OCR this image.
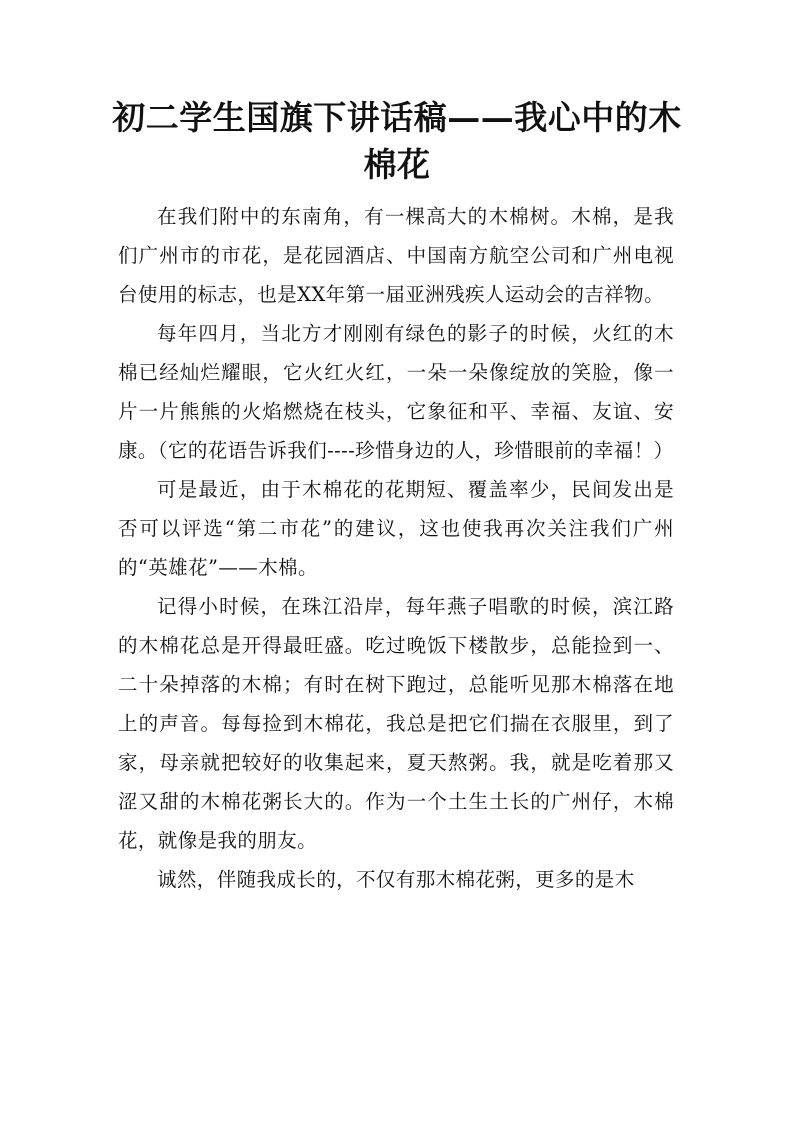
初二学生国旗下讲话稿——我心中的木棉花

在我们附中的东南角，有一棵高大的木棉树。木棉，是我们广州市的市花，是花园酒店、中国南方航空公司和广州电视台使用的标志，也是XX年第一届亚洲残疾人运动会的吉祥物。

每年四月，当北方才刚刚有绿色的影子的时候，火红的木棉已经灿烂耀眼，它火红火红，一朵一朵像绽放的笑脸，像一片一片熊熊的火焰燃烧在枝头，它象征和平、幸福、友谊、安康。（它的花语告诉我们----珍惜身边的人，珍惜眼前的幸福！）

可是最近，由于木棉花的花期短、覆盖率少，民间发出是否可以评选“第二市花”的建议，这也使我再次关注我们广州的“英雄花”——木棉。

记得小时候，在珠江沿岸，每年燕子唱歌的时候，滨江路的木棉花总是开得最旺盛。吃过晚饭下楼散步，总能捡到一、二十朵掉落的木棉；有时在树下跑过，总能听见那木棉落在地上的声音。每每捡到木棉花，我总是把它们揣在衣服里，到了家，母亲就把较好的收集起来，夏天熬粥。我，就是吃着那又涩又甜的木棉花粥长大的。作为一个土生土长的广州仔，木棉花，就像是我的朋友。

诚然，伴随我成长的，不仅有那木棉花粥，更多的是木
